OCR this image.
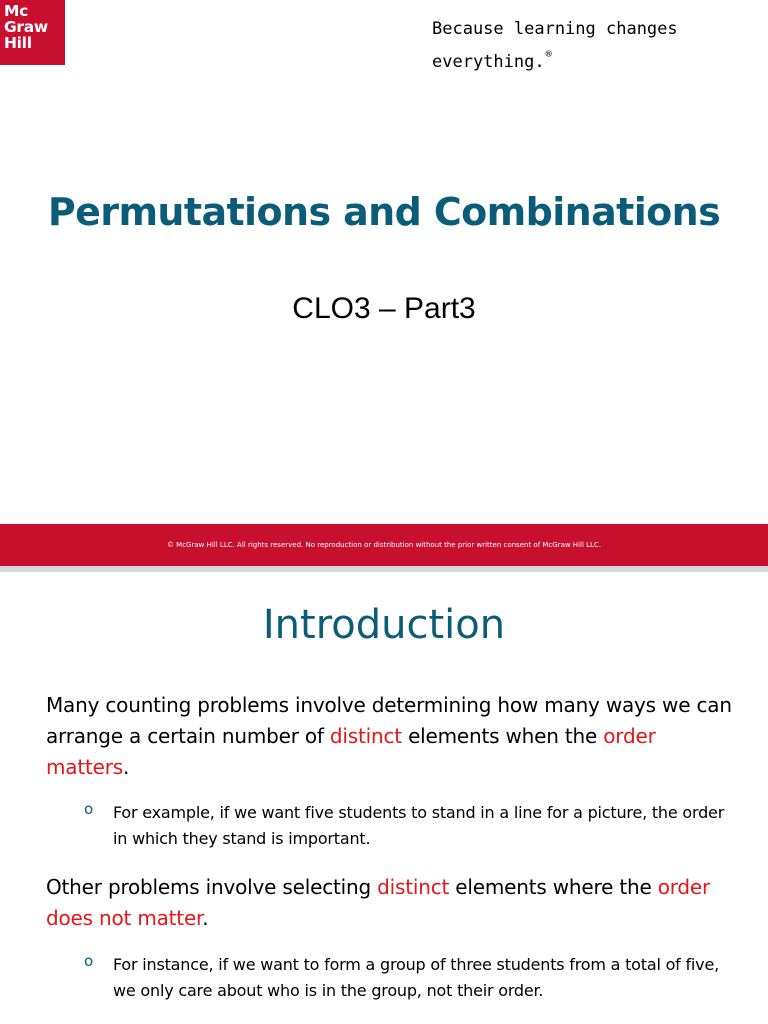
Mc
Graw
Hill
Because learning changes everything.®
Permutations and Combinations
CLO3 – Part3
© McGraw Hill LLC. All rights reserved. No reproduction or distribution without the prior written consent of McGraw Hill LLC.
Introduction
Many counting problems involve determining how many ways we can arrange a certain number of distinct elements when the order matters.
o For example, if we want five students to stand in a line for a picture, the order in which they stand is important.
Other problems involve selecting distinct elements where the order does not matter.
o For instance, if we want to form a group of three students from a total of five, we only care about who is in the group, not their order.
